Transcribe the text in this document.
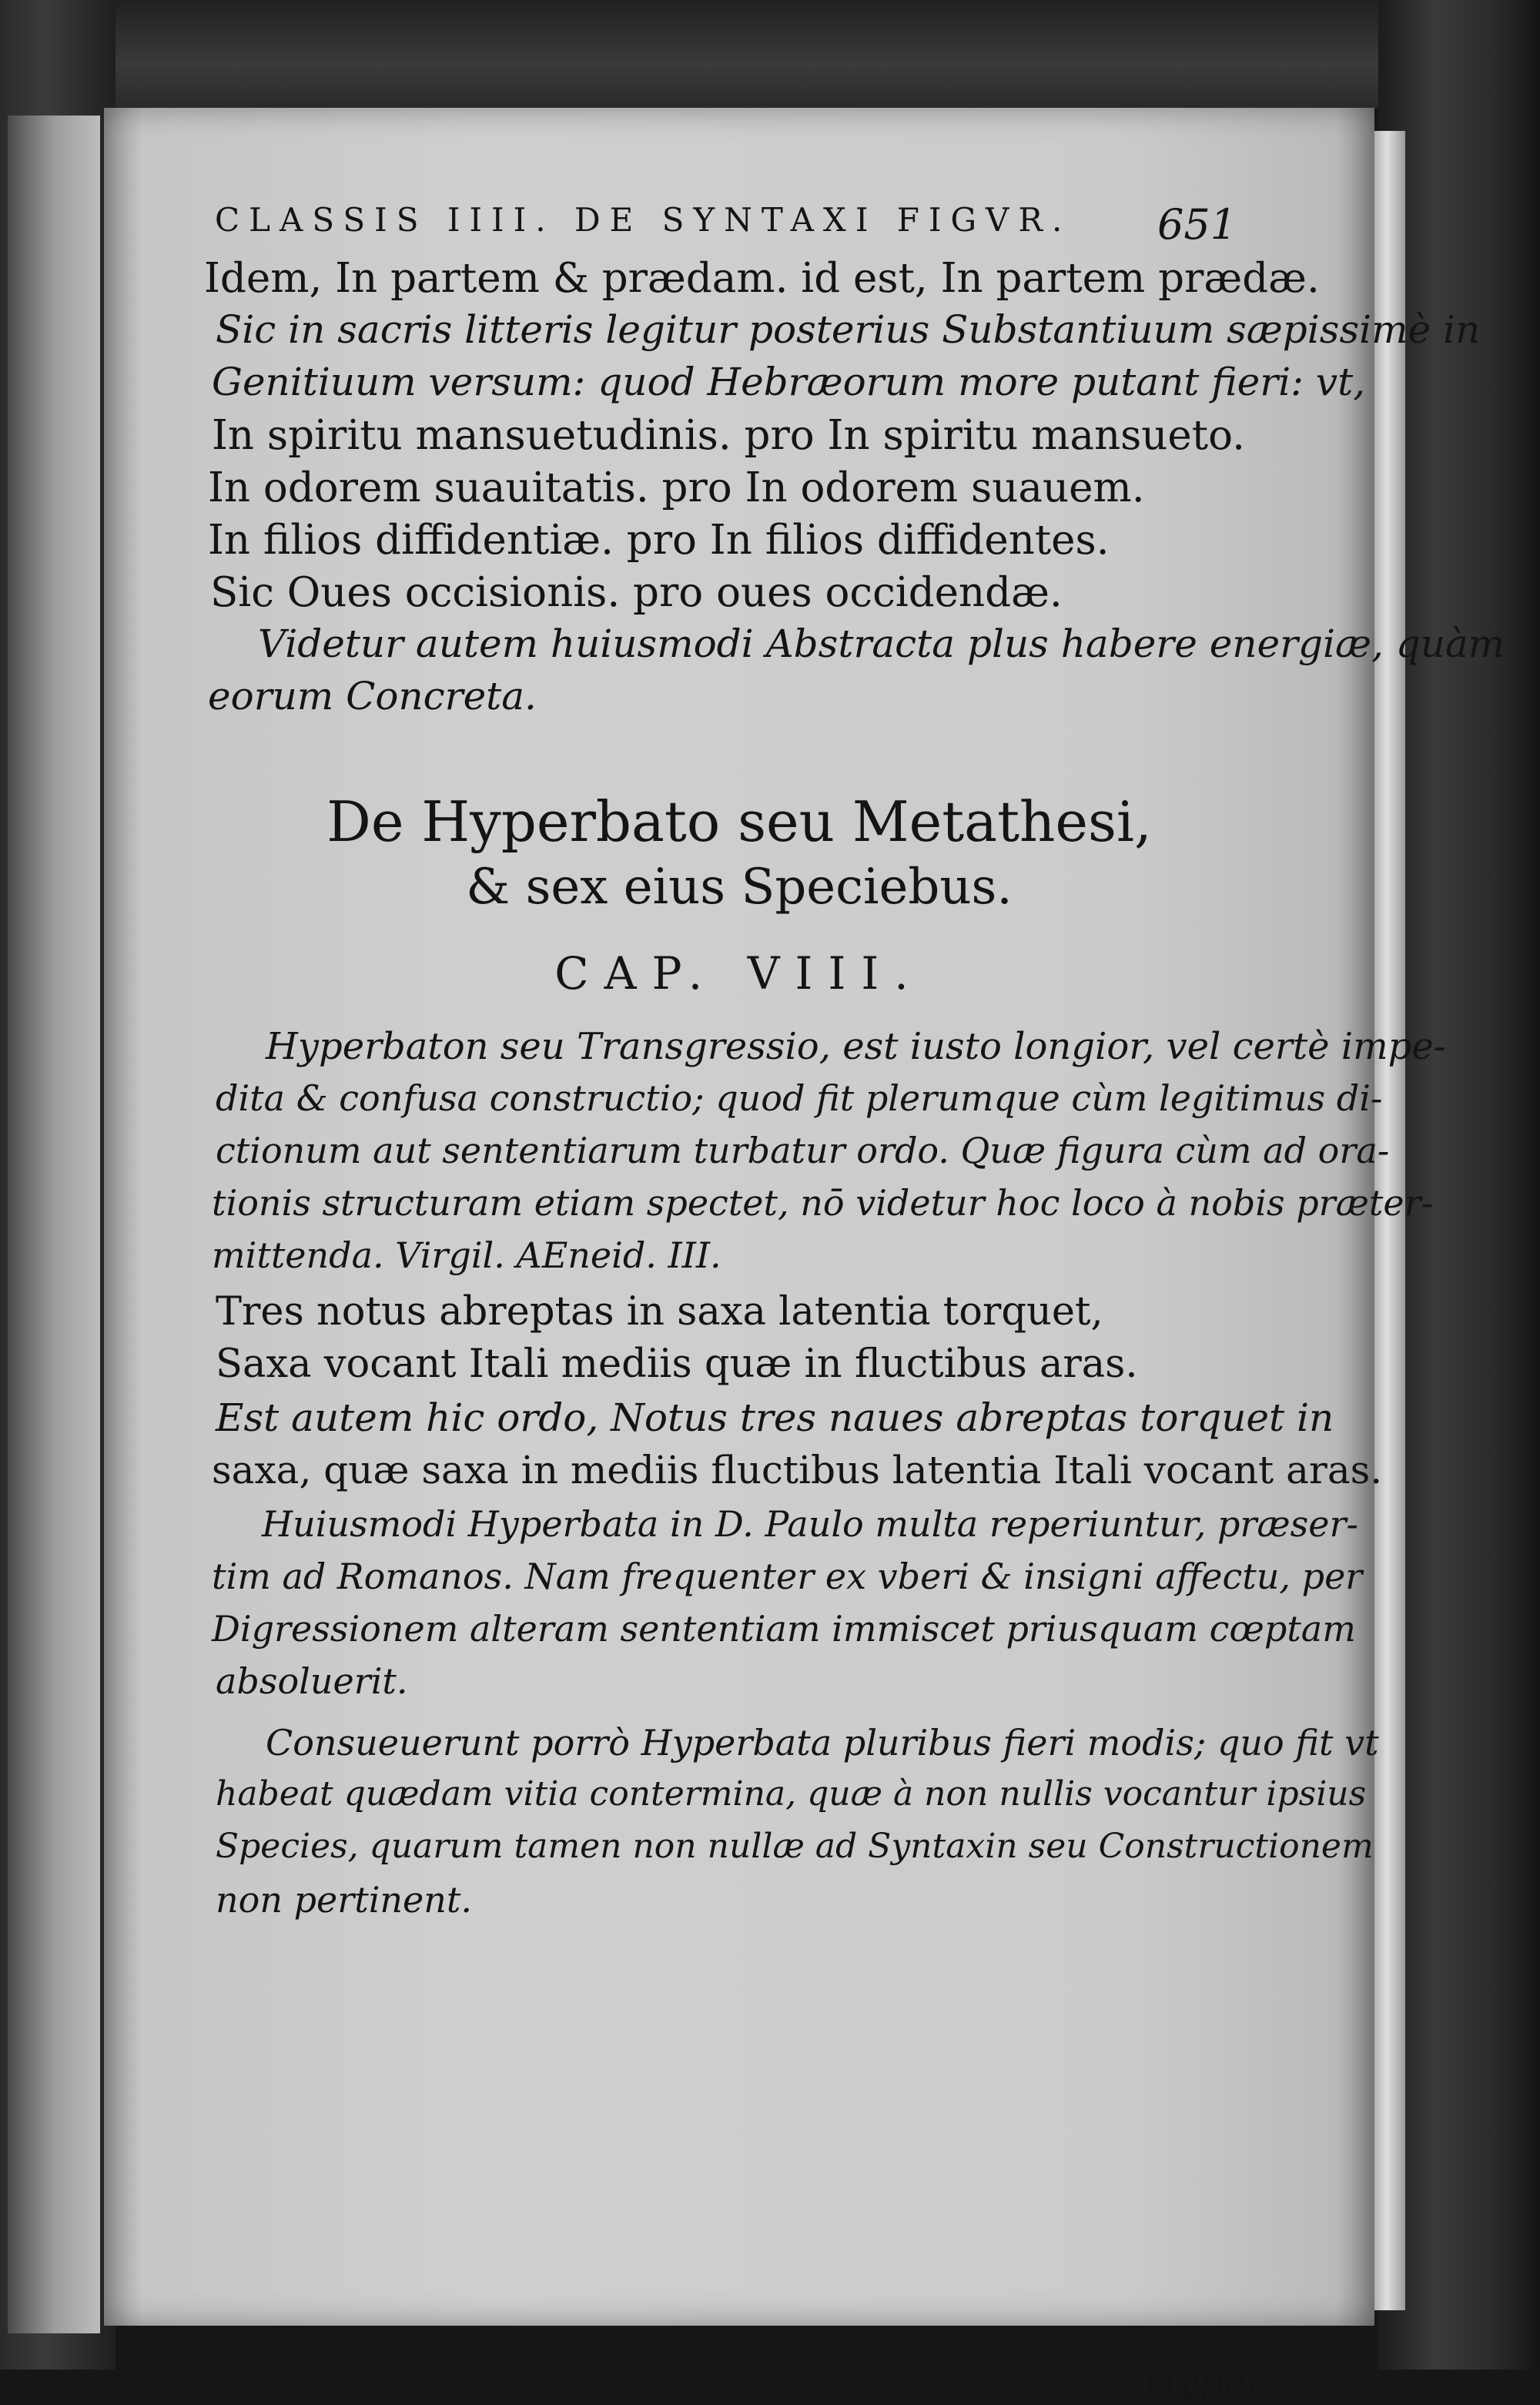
CLASSIS IIII. DE SYNTAXI FIGVR. 651
Idem, In partem & prædam. id est, In partem prædæ.
Sic in sacris litteris legitur posterius Substantiuum sæpissimè in
Genitiuum versum: quod Hebræorum more putant fieri: vt,
In spiritu mansuetudinis. pro In spiritu mansueto.
In odorem suauitatis. pro In odorem suauem.
In filios diffidentiæ. pro In filios diffidentes.
Sic Oues occisionis. pro oues occidendæ.
Videtur autem huiusmodi Abstracta plus habere energiæ, quàm
eorum Concreta.
De Hyperbato seu Metathesi,
& sex eius Speciebus.
CAP. VIII.
Hyperbaton seu Transgressio, est iusto longior, vel certè impe-
dita & confusa constructio; quod fit plerumque cùm legitimus di-
ctionum aut sententiarum turbatur ordo. Quæ figura cùm ad ora-
tionis structuram etiam spectet, nō videtur hoc loco à nobis præter-
mittenda. Virgil. AEneid. III.
Tres notus abreptas in saxa latentia torquet,
Saxa vocant Itali mediis quæ in fluctibus aras.
Est autem hic ordo, Notus tres naues abreptas torquet in
saxa, quæ saxa in mediis fluctibus latentia Itali vocant aras.
Huiusmodi Hyperbata in D. Paulo multa reperiuntur, præser-
tim ad Romanos. Nam frequenter ex vberi & insigni affectu, per
Digressionem alteram sententiam immiscet priusquam cœptam
absoluerit.
Consueuerunt porrò Hyperbata pluribus fieri modis; quo fit vt
habeat quædam vitia contermina, quæ à non nullis vocantur ipsius
Species, quarum tamen non nullæ ad Syntaxin seu Constructionem
non pertinent.
Hyper-
